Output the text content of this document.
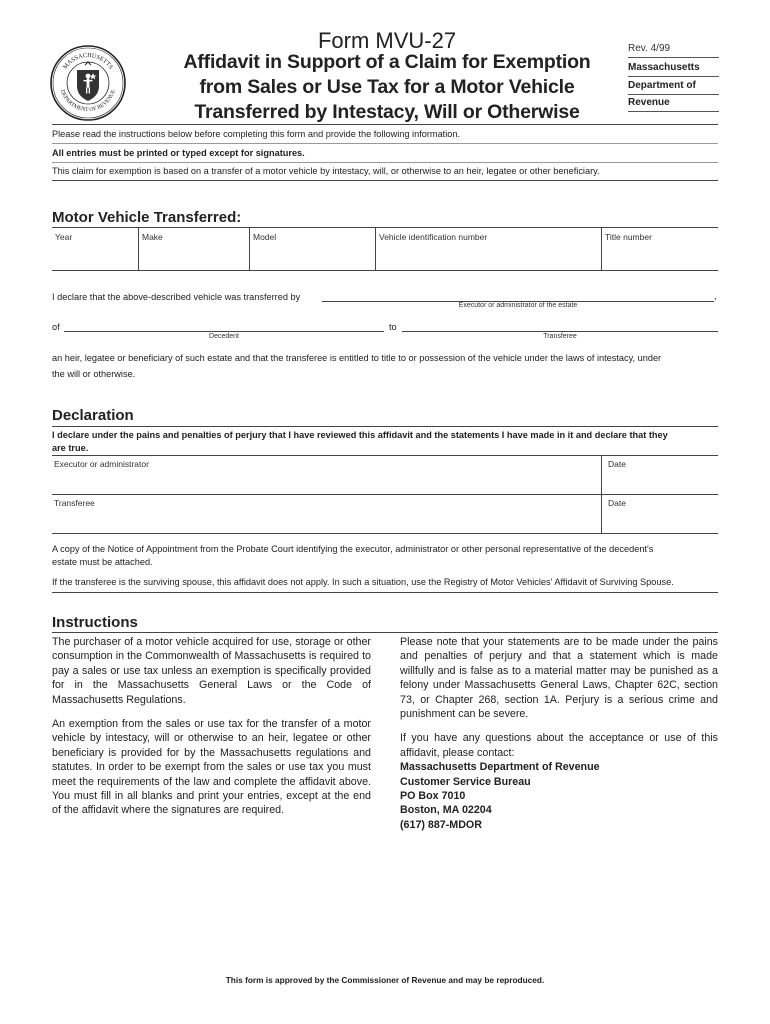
MASSACHUSETTS
DEPARTMENT OF REVENUE
Form MVU-27
Affidavit in Support of a Claim for Exemption
from Sales or Use Tax for a Motor Vehicle
Transferred by Intestacy, Will or Otherwise
Rev. 4/99
Massachusetts
Department of
Revenue
Please read the instructions below before completing this form and provide the following information.
All entries must be printed or typed except for signatures.
This claim for exemption is based on a transfer of a motor vehicle by intestacy, will, or otherwise to an heir, legatee or other beneficiary.
Motor Vehicle Transferred:
Year	Make	Model	Vehicle identification number	Title number
I declare that the above-described vehicle was transferred by	,
Executor or administrator of the estate
of
Decedent
to
Transferee
an heir, legatee or beneficiary of such estate and that the transferee is entitled to title to or possession of the vehicle under the laws of intestacy, under
the will or otherwise.
Declaration
I declare under the pains and penalties of perjury that I have reviewed this affidavit and the statements I have made in it and declare that they
are true.
Executor or administrator	Date
Transferee	Date
A copy of the Notice of Appointment from the Probate Court identifying the executor, administrator or other personal representative of the decedent's
estate must be attached.
If the transferee is the surviving spouse, this affidavit does not apply. In such a situation, use the Registry of Motor Vehicles' Affidavit of Surviving Spouse.
Instructions

The purchaser of a motor vehicle acquired for use, storage or other consumption in the Commonwealth of Massachusetts is required to pay a sales or use tax unless an exemption is specifically provided for in the Massachusetts General Laws or the Code of Massachusetts Regulations.

An exemption from the sales or use tax for the transfer of a motor vehicle by intestacy, will or otherwise to an heir, legatee or other beneficiary is provided for by the Massachusetts regulations and statutes. In order to be exempt from the sales or use tax you must meet the requirements of the law and complete the affidavit above. You must fill in all blanks and print your entries, except at the end of the affidavit where the signatures are required.

Please note that your statements are to be made under the pains and penalties of perjury and that a statement which is made willfully and is false as to a material matter may be punished as a felony under Massachusetts General Laws, Chapter 62C, section 73, or Chapter 268, section 1A. Perjury is a serious crime and punishment can be severe.

If you have any questions about the acceptance or use of this affidavit, please contact:

Massachusetts Department of Revenue
Customer Service Bureau
PO Box 7010
Boston, MA 02204
(617) 887-MDOR
This form is approved by the Commissioner of Revenue and may be reproduced.
